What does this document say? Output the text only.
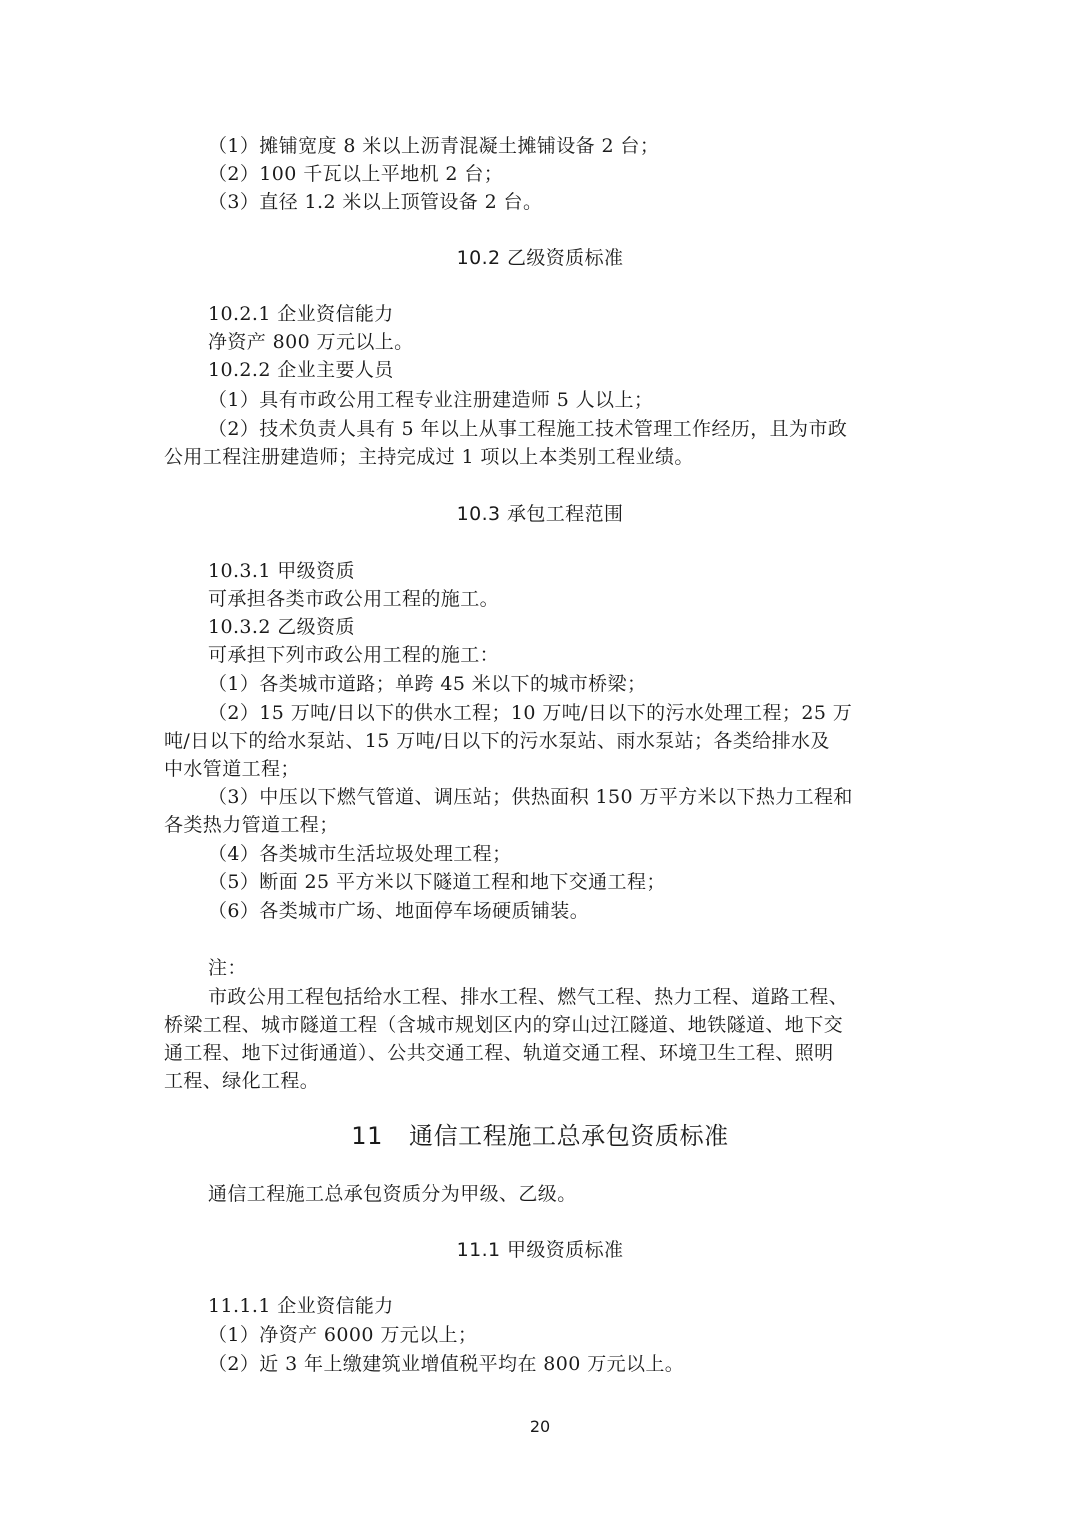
（1）摊铺宽度 8 米以上沥青混凝土摊铺设备 2 台；
（2）100 千瓦以上平地机 2 台；
（3）直径 1.2 米以上顶管设备 2 台。
10.2 乙级资质标准
10.2.1 企业资信能力
净资产 800 万元以上。
10.2.2 企业主要人员
（1）具有市政公用工程专业注册建造师 5 人以上；
（2）技术负责人具有 5 年以上从事工程施工技术管理工作经历，且为市政
公用工程注册建造师；主持完成过 1 项以上本类别工程业绩。
10.3 承包工程范围
10.3.1 甲级资质
可承担各类市政公用工程的施工。
10.3.2 乙级资质
可承担下列市政公用工程的施工：
（1）各类城市道路；单跨 45 米以下的城市桥梁；
（2）15 万吨/日以下的供水工程；10 万吨/日以下的污水处理工程；25 万
吨/日以下的给水泵站、15 万吨/日以下的污水泵站、雨水泵站；各类给排水及
中水管道工程；
（3）中压以下燃气管道、调压站；供热面积 150 万平方米以下热力工程和
各类热力管道工程；
（4）各类城市生活垃圾处理工程；
（5）断面 25 平方米以下隧道工程和地下交通工程；
（6）各类城市广场、地面停车场硬质铺装。
注：
市政公用工程包括给水工程、排水工程、燃气工程、热力工程、道路工程、
桥梁工程、城市隧道工程（含城市规划区内的穿山过江隧道、地铁隧道、地下交
通工程、地下过街通道）、公共交通工程、轨道交通工程、环境卫生工程、照明
工程、绿化工程。
11 通信工程施工总承包资质标准
通信工程施工总承包资质分为甲级、乙级。
11.1 甲级资质标准
11.1.1 企业资信能力
（1）净资产 6000 万元以上；
（2）近 3 年上缴建筑业增值税平均在 800 万元以上。
20
